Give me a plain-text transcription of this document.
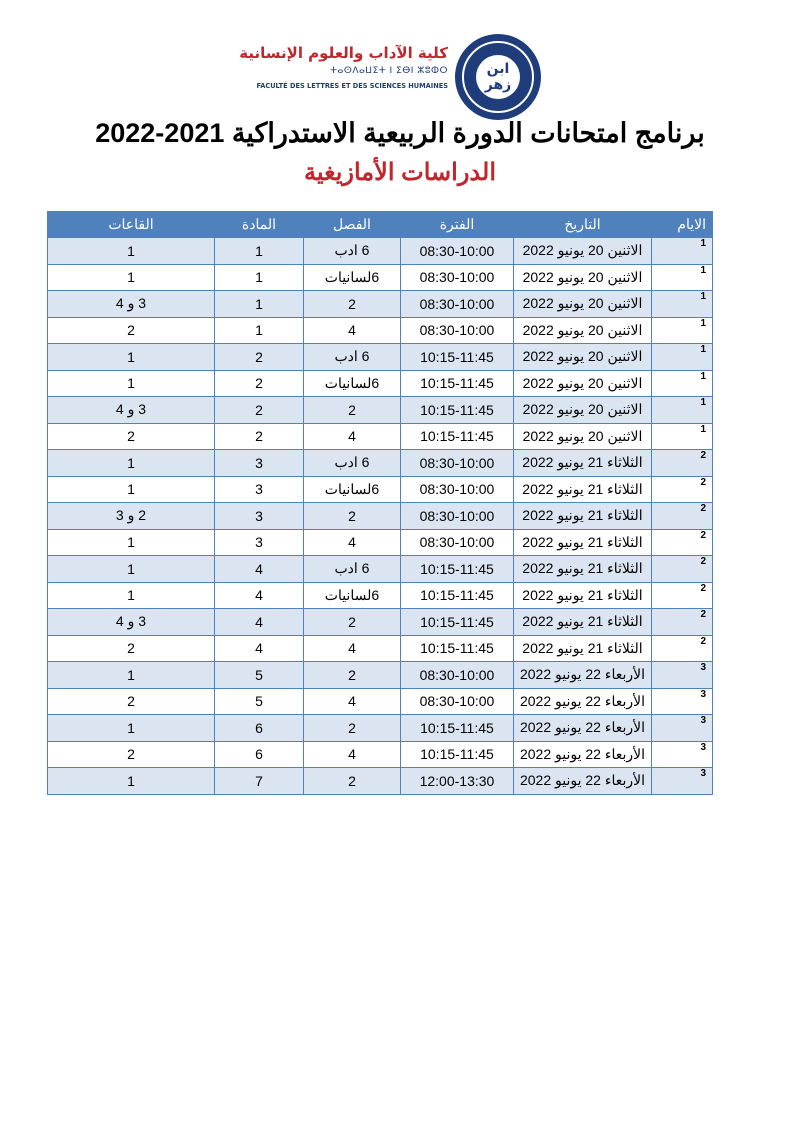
ابن زهر
كلية الآداب والعلوم الإنسانية
ⵜⴰⵙⴷⴰⵡⵉⵜ ⵏ ⵉⴱⵏ ⵣⵓⵀⵔ
FACULTÉ DES LETTRES ET DES SCIENCES HUMAINES
برنامج امتحانات الدورة الربيعية الاستدراكية 2021-2022
الدراسات الأمازيغية
الايام	التاريخ	الفترة	الفصل	المادة	القاعات
1	الاثنين 20 يونيو 2022	08:30-10:00	6 ادب	1	1
1	الاثنين 20 يونيو 2022	08:30-10:00	6لسانيات	1	1
1	الاثنين 20 يونيو 2022	08:30-10:00	2	1	3 و 4
1	الاثنين 20 يونيو 2022	08:30-10:00	4	1	2
1	الاثنين 20 يونيو 2022	10:15-11:45	6 ادب	2	1
1	الاثنين 20 يونيو 2022	10:15-11:45	6لسانيات	2	1
1	الاثنين 20 يونيو 2022	10:15-11:45	2	2	3 و 4
1	الاثنين 20 يونيو 2022	10:15-11:45	4	2	2
2	الثلاثاء 21 يونيو 2022	08:30-10:00	6 ادب	3	1
2	الثلاثاء 21 يونيو 2022	08:30-10:00	6لسانيات	3	1
2	الثلاثاء 21 يونيو 2022	08:30-10:00	2	3	2 و 3
2	الثلاثاء 21 يونيو 2022	08:30-10:00	4	3	1
2	الثلاثاء 21 يونيو 2022	10:15-11:45	6 ادب	4	1
2	الثلاثاء 21 يونيو 2022	10:15-11:45	6لسانيات	4	1
2	الثلاثاء 21 يونيو 2022	10:15-11:45	2	4	3 و 4
2	الثلاثاء 21 يونيو 2022	10:15-11:45	4	4	2
3	الأربعاء 22 يونيو 2022	08:30-10:00	2	5	1
3	الأربعاء 22 يونيو 2022	08:30-10:00	4	5	2
3	الأربعاء 22 يونيو 2022	10:15-11:45	2	6	1
3	الأربعاء 22 يونيو 2022	10:15-11:45	4	6	2
3	الأربعاء 22 يونيو 2022	12:00-13:30	2	7	1
